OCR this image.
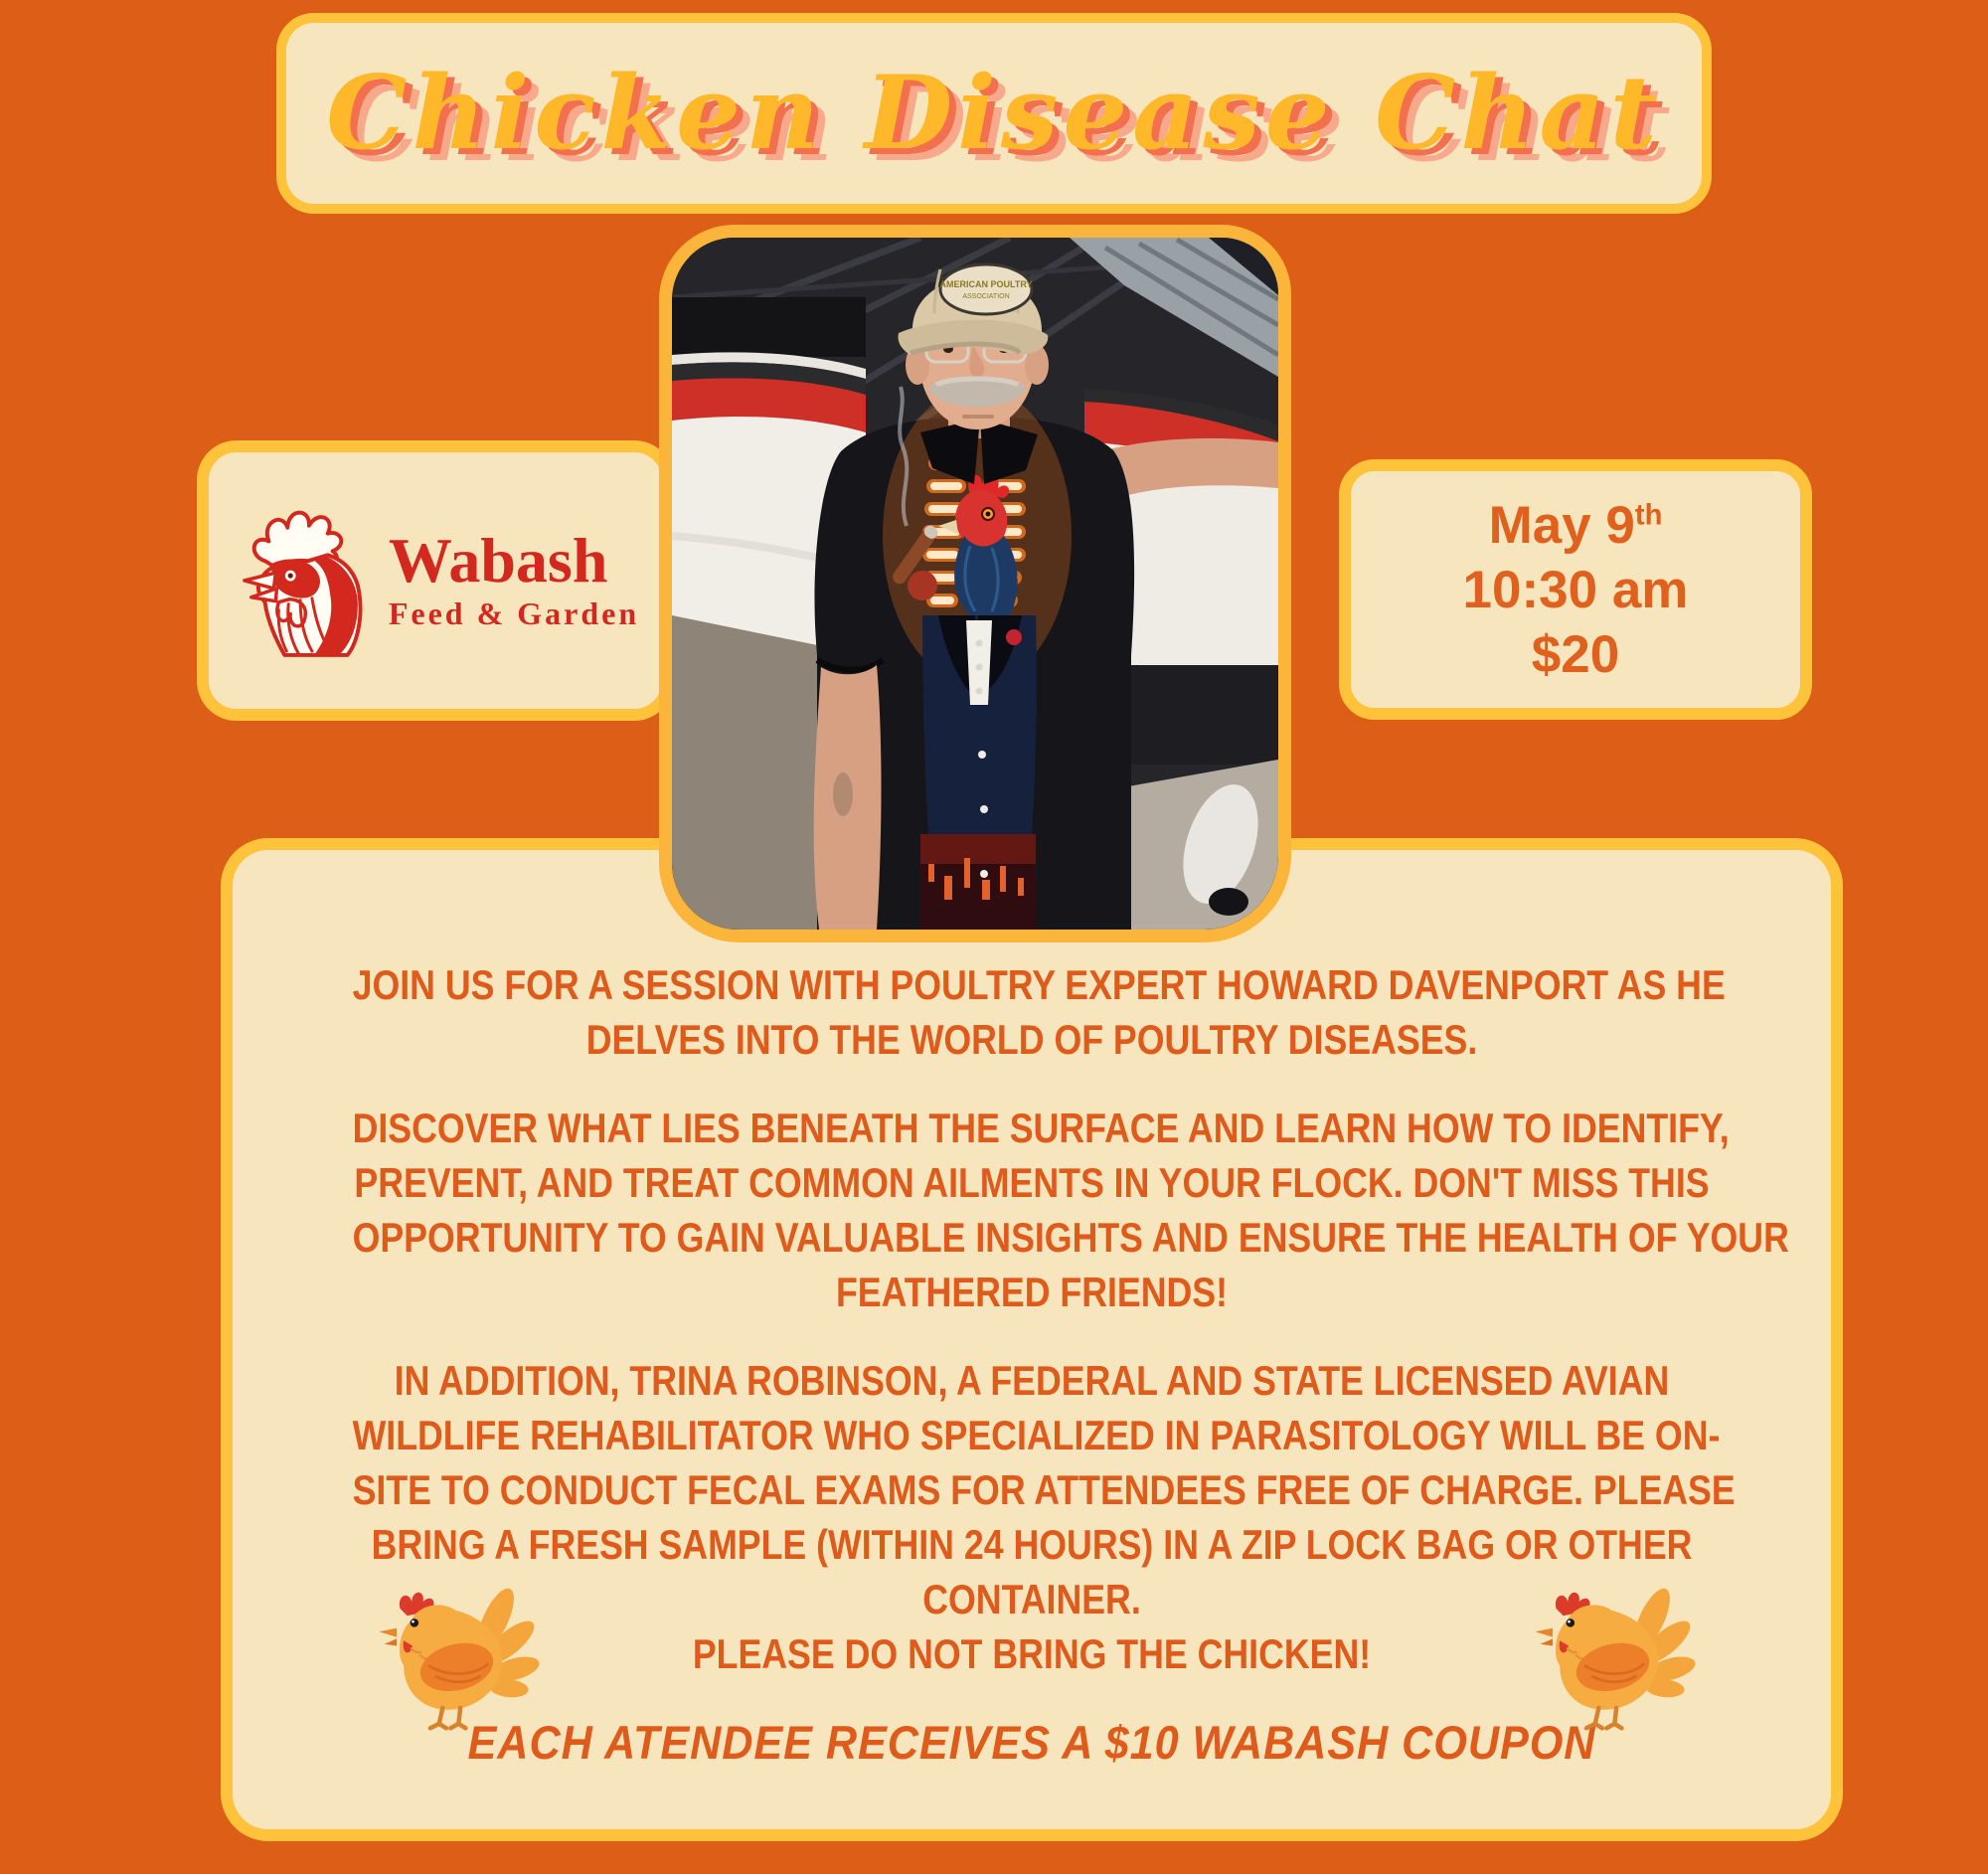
Chicken Disease Chat
Wabash
Feed & Garden
May 9th
10:30 am
$20
AMERICAN POULTRY
ASSOCIATION
JOIN US FOR A SESSION WITH POULTRY EXPERT HOWARD DAVENPORT AS HE
DELVES INTO THE WORLD OF POULTRY DISEASES.
DISCOVER WHAT LIES BENEATH THE SURFACE AND LEARN HOW TO IDENTIFY,
PREVENT, AND TREAT COMMON AILMENTS IN YOUR FLOCK. DON'T MISS THIS
OPPORTUNITY TO GAIN VALUABLE INSIGHTS AND ENSURE THE HEALTH OF YOUR
FEATHERED FRIENDS!
IN ADDITION, TRINA ROBINSON, A FEDERAL AND STATE LICENSED AVIAN
WILDLIFE REHABILITATOR WHO SPECIALIZED IN PARASITOLOGY WILL BE ON-
SITE TO CONDUCT FECAL EXAMS FOR ATTENDEES FREE OF CHARGE. PLEASE
BRING A FRESH SAMPLE (WITHIN 24 HOURS) IN A ZIP LOCK BAG OR OTHER
CONTAINER.
PLEASE DO NOT BRING THE CHICKEN!
EACH ATENDEE RECEIVES A $10 WABASH COUPON
